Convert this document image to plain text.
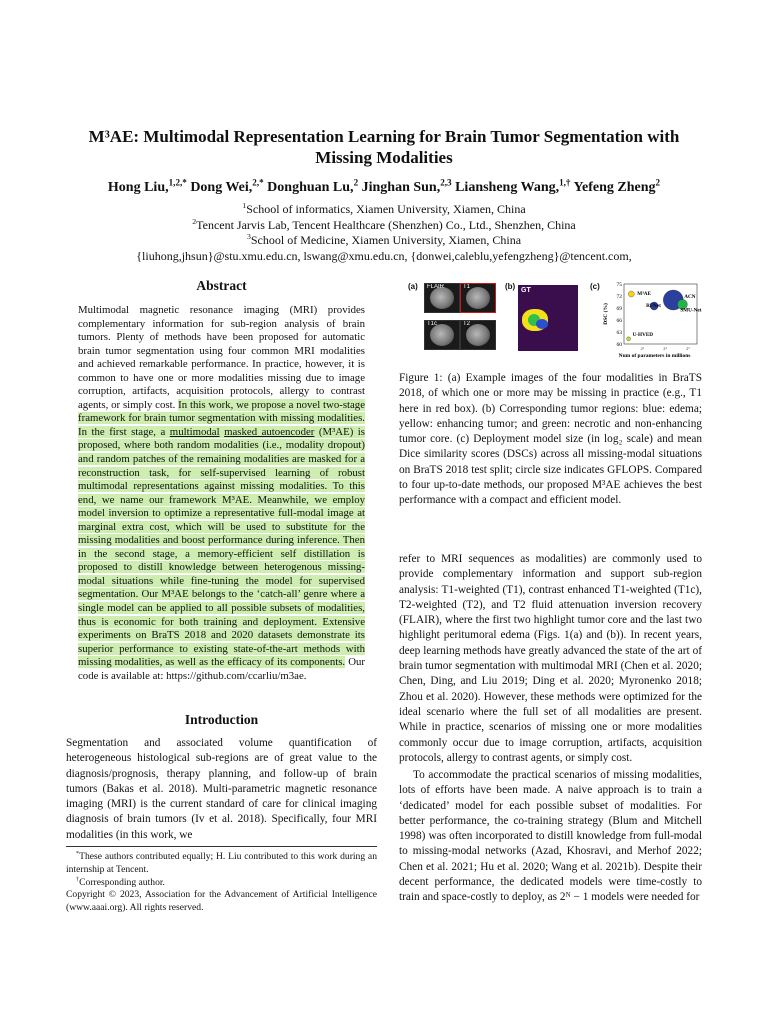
M³AE: Multimodal Representation Learning for Brain Tumor Segmentation with
Missing Modalities
Hong Liu,$^{1,2,*}$ Dong Wei,$^{2,*}$ Donghuan Lu,$^2$ Jinghan Sun,$^{2,3}$ Liansheng Wang,$^{1,\dagger}$ Yefeng Zheng$^2$
$^1$School of informatics, Xiamen University, Xiamen, China
$^2$Tencent Jarvis Lab, Tencent Healthcare (Shenzhen) Co., Ltd., Shenzhen, China
$^3$School of Medicine, Xiamen University, Xiamen, China
{liuhong,jhsun}@stu.xmu.edu.cn, lswang@xmu.edu.cn, {donwei,caleblu,yefengzheng}@tencent.com,
Abstract

Multimodal magnetic resonance imaging (MRI) provides complementary information for sub-region analysis of brain tumors. Plenty of methods have been proposed for automatic brain tumor segmentation using four common MRI modalities and achieved remarkable performance. In practice, however, it is common to have one or more modalities missing due to image corruption, artifacts, acquisition protocols, allergy to contrast agents, or simply cost. In this work, we propose a novel two-stage framework for brain tumor segmentation with missing modalities. In the first stage, a multimodal masked autoencoder (M³AE) is proposed, where both random modalities (i.e., modality dropout) and random patches of the remaining modalities are masked for a reconstruction task, for self-supervised learning of robust multimodal representations against missing modalities. To this end, we name our framework M³AE. Meanwhile, we employ model inversion to optimize a representative full-modal image at marginal extra cost, which will be used to substitute for the missing modalities and boost performance during inference. Then in the second stage, a memory-efficient self distillation is proposed to distill knowledge between heterogenous missing-modal situations while fine-tuning the model for supervised segmentation. Our M³AE belongs to the ‘catch-all’ genre where a single model can be applied to all possible subsets of modalities, thus is economic for both training and deployment. Extensive experiments on BraTS 2018 and 2020 datasets demonstrate its superior performance to existing state-of-the-art methods with missing modalities, as well as the efficacy of its components. Our code is available at: https://github.com/ccarliu/m3ae.

Introduction

Segmentation and associated volume quantification of heterogeneous histological sub-regions are of great value to the diagnosis/prognosis, therapy planning, and follow-up of brain tumors (Bakas et al. 2018). Multi-parametric magnetic resonance imaging (MRI) is the current standard of care for clinical imaging diagnosis of brain tumors (Iv et al. 2018). Specifically, four MRI modalities (in this work, we

*These authors contributed equally; H. Liu contributed to this work during an internship at Tencent.

†Corresponding author.

Copyright © 2023, Association for the Advancement of Artificial Intelligence (www.aaai.org). All rights reserved.

(a) FLAIR	T1
T1c	T2
(b) GT	(c)
60
63
66
69
72
75
2³	2⁴	2⁵
DSC (%)
Num of parameters in millions
M³AE	ACN
RFNet
SMU-Net
U-HVED

Figure 1: (a) Example images of the four modalities in BraTS 2018, of which one or more may be missing in practice (e.g., T1 here in red box). (b) Corresponding tumor regions: blue: edema; yellow: enhancing tumor; and green: necrotic and non-enhancing tumor core. (c) Deployment model size (in log₂ scale) and mean Dice similarity scores (DSCs) across all missing-modal situations on BraTS 2018 test split; circle size indicates GFLOPS. Compared to four up-to-date methods, our proposed M³AE achieves the best performance with a compact and efficient model.

refer to MRI sequences as modalities) are commonly used to provide complementary information and support sub-region analysis: T1-weighted (T1), contrast enhanced T1-weighted (T1c), T2-weighted (T2), and T2 fluid attenuation inversion recovery (FLAIR), where the first two highlight tumor core and the last two highlight peritumoral edema (Figs. 1(a) and (b)). In recent years, deep learning methods have greatly advanced the state of the art of brain tumor segmentation with multimodal MRI (Chen et al. 2020; Chen, Ding, and Liu 2019; Ding et al. 2020; Myronenko 2018; Zhou et al. 2020). However, these methods were optimized for the ideal scenario where the full set of all modalities are present. While in practice, scenarios of missing one or more modalities commonly occur due to image corruption, artifacts, acquisition protocols, allergy to contrast agents, or simply cost.

To accommodate the practical scenarios of missing modalities, lots of efforts have been made. A naive approach is to train a ‘dedicated’ model for each possible subset of modalities. For better performance, the co-training strategy (Blum and Mitchell 1998) was often incorporated to distill knowledge from full-modal to missing-modal networks (Azad, Khosravi, and Merhof 2022; Chen et al. 2021; Hu et al. 2020; Wang et al. 2021b). Despite their decent performance, the dedicated models were time-costly to train and space-costly to deploy, as 2ᴺ − 1 models were needed for
